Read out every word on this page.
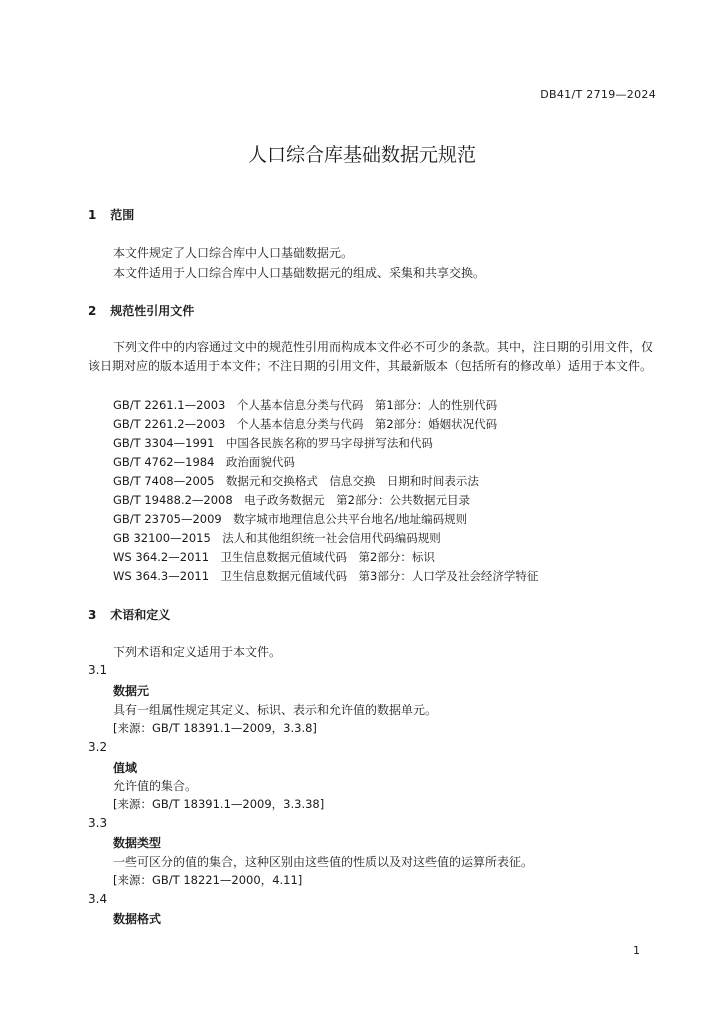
DB41/T 2719—2024
人口综合库基础数据元规范
1 范围
本文件规定了人口综合库中人口基础数据元。
本文件适用于人口综合库中人口基础数据元的组成、采集和共享交换。
2 规范性引用文件
下列文件中的内容通过文中的规范性引用而构成本文件必不可少的条款。其中，注日期的引用文件，仅该日期对应的版本适用于本文件；不注日期的引用文件，其最新版本（包括所有的修改单）适用于本文件。
GB/T 2261.1—2003　个人基本信息分类与代码　第1部分：人的性别代码
GB/T 2261.2—2003　个人基本信息分类与代码　第2部分：婚姻状况代码
GB/T 3304—1991　中国各民族名称的罗马字母拼写法和代码
GB/T 4762—1984　政治面貌代码
GB/T 7408—2005　数据元和交换格式　信息交换　日期和时间表示法
GB/T 19488.2—2008　电子政务数据元　第2部分：公共数据元目录
GB/T 23705—2009　数字城市地理信息公共平台地名/地址编码规则
GB 32100—2015　法人和其他组织统一社会信用代码编码规则
WS 364.2—2011　卫生信息数据元值域代码　第2部分：标识
WS 364.3—2011　卫生信息数据元值域代码　第3部分：人口学及社会经济学特征
3 术语和定义
下列术语和定义适用于本文件。
3.1
数据元
具有一组属性规定其定义、标识、表示和允许值的数据单元。
[来源：GB/T 18391.1—2009，3.3.8]
3.2
值域
允许值的集合。
[来源：GB/T 18391.1—2009，3.3.38]
3.3
数据类型
一些可区分的值的集合，这种区别由这些值的性质以及对这些值的运算所表征。
[来源：GB/T 18221—2000，4.11]
3.4
数据格式
1
